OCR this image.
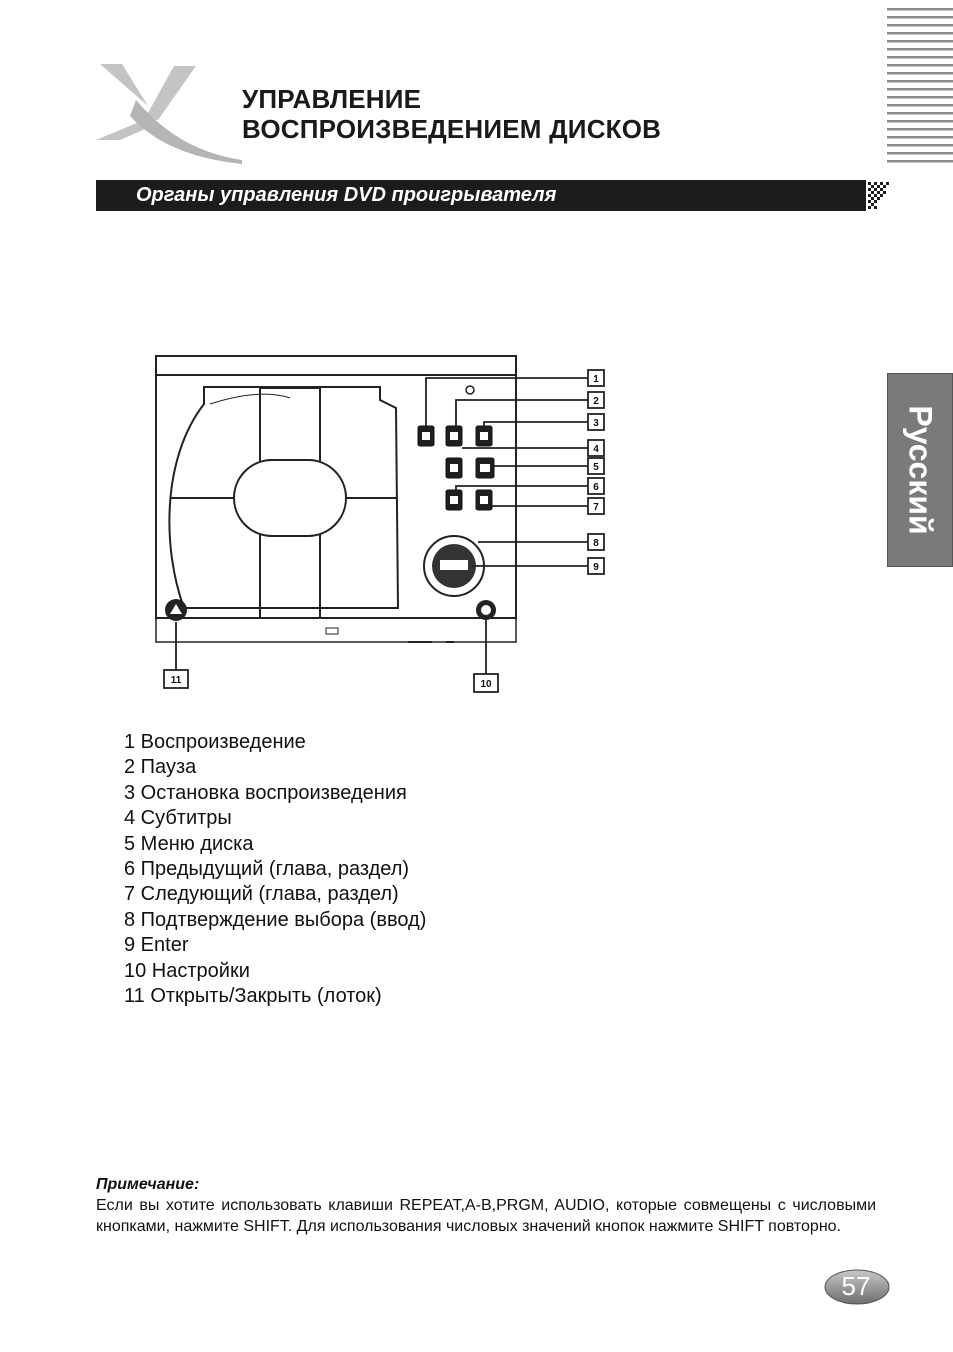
УПРАВЛЕНИЕ
ВОСПРОИЗВЕДЕНИЕМ ДИСКОВ
Органы управления DVD проигрывателя
Русский
1
2
3
4
5
6
7
8
9
10
11
1 Воспроизведение
2 Пауза
3 Остановка воспроизведения
4 Субтитры
5 Меню диска
6 Предыдущий (глава, раздел)
7 Следующий (глава, раздел)
8 Подтверждение выбора (ввод)
9 Enter
10 Настройки
11 Открыть/Закрыть (лоток)
Примечание:
Если вы хотите использовать клавиши REPEAT,A-B,PRGM, AUDIO, которые совмещены с числовыми кнопками, нажмите SHIFT. Для использования числовых значений кнопок нажмите SHIFT повторно.
57
